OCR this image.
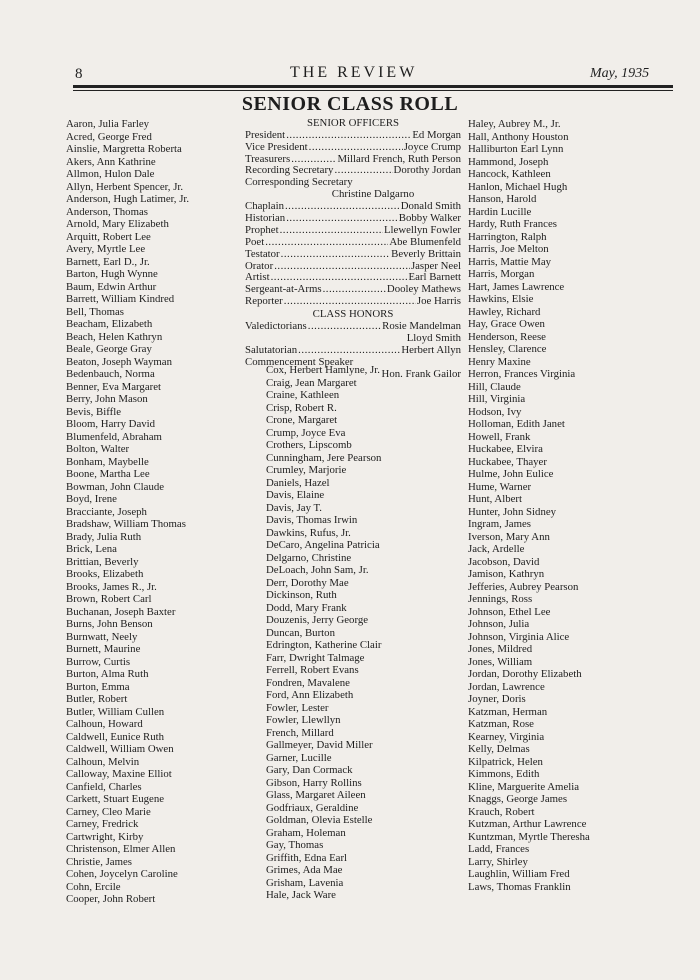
8	THE REVIEW	May, 1935
SENIOR CLASS ROLL
Aaron, Julia Farley
Acred, George Fred
Ainslie, Margretta Roberta
Akers, Ann Kathrine
Allmon, Hulon Dale
Allyn, Herbent Spencer, Jr.
Anderson, Hugh Latimer, Jr.
Anderson, Thomas
Arnold, Mary Elizabeth
Arquitt, Robert Lee
Avery, Myrtle Lee
Barnett, Earl D., Jr.
Barton, Hugh Wynne
Baum, Edwin Arthur
Barrett, William Kindred
Bell, Thomas
Beacham, Elizabeth
Beach, Helen Kathryn
Beale, George Gray
Beaton, Joseph Wayman
Bedenbauch, Norma
Benner, Eva Margaret
Berry, John Mason
Bevis, Biffle
Bloom, Harry David
Blumenfeld, Abraham
Bolton, Walter
Bonham, Maybelle
Boone, Martha Lee
Bowman, John Claude
Boyd, Irene
Bracciante, Joseph
Bradshaw, William Thomas
Brady, Julia Ruth
Brick, Lena
Brittian, Beverly
Brooks, Elizabeth
Brooks, James R., Jr.
Brown, Robert Carl
Buchanan, Joseph Baxter
Burns, John Benson
Burnwatt, Neely
Burnett, Maurine
Burrow, Curtis
Burton, Alma Ruth
Burton, Emma
Butler, Robert
Butler, William Cullen
Calhoun, Howard
Caldwell, Eunice Ruth
Caldwell, William Owen
Calhoun, Melvin
Calloway, Maxine Elliot
Canfield, Charles
Carkett, Stuart Eugene
Carney, Cleo Marie
Carney, Fredrick
Cartwright, Kirby
Christenson, Elmer Allen
Christie, James
Cohen, Joycelyn Caroline
Cohn, Ercile
Cooper, John Robert
SENIOR OFFICERS
President .....	Ed Morgan
Vice President .....	Joyce Crump
Treasurers .....	Millard French, Ruth Person
Recording Secretary .....	Dorothy Jordan
Corresponding Secretary
Christine Dalgarno
Chaplain .....	Donald Smith
Historian .....	Bobby Walker
Prophet .....	Llewellyn Fowler
Poet .....	Abe Blumenfeld
Testator .....	Beverly Brittain
Orator .....	Jasper Neel
Artist .....	Earl Barnett
Sergeant-at-Arms .....	Dooley Mathews
Reporter .....	Joe Harris
CLASS HONORS
Valedictorians .....	Rosie Mandelman
Lloyd Smith
Salutatorian .....	Herbert Allyn
Commencement Speaker
Hon. Frank Gailor
Cox, Herbert Hamlyne, Jr.
Craig, Jean Margaret
Craine, Kathleen
Crisp, Robert R.
Crone, Margaret
Crump, Joyce Eva
Crothers, Lipscomb
Cunningham, Jere Pearson
Crumley, Marjorie
Daniels, Hazel
Davis, Elaine
Davis, Jay T.
Davis, Thomas Irwin
Dawkins, Rufus, Jr.
DeCaro, Angelina Patricia
Delgarno, Christine
DeLoach, John Sam, Jr.
Derr, Dorothy Mae
Dickinson, Ruth
Dodd, Mary Frank
Douzenis, Jerry George
Duncan, Burton
Edrington, Katherine Clair
Farr, Dwright Talmage
Ferrell, Robert Evans
Fondren, Mavalene
Ford, Ann Elizabeth
Fowler, Lester
Fowler, Llewllyn
French, Millard
Gallmeyer, David Miller
Garner, Lucille
Gary, Dan Cormack
Gibson, Harry Rollins
Glass, Margaret Aileen
Godfriaux, Geraldine
Goldman, Olevia Estelle
Graham, Holeman
Gay, Thomas
Griffith, Edna Earl
Grimes, Ada Mae
Grisham, Lavenia
Hale, Jack Ware
Haley, Aubrey M., Jr.
Hall, Anthony Houston
Halliburton Earl Lynn
Hammond, Joseph
Hancock, Kathleen
Hanlon, Michael Hugh
Hanson, Harold
Hardin Lucille
Hardy, Ruth Frances
Harrington, Ralph
Harris, Joe Melton
Harris, Mattie May
Harris, Morgan
Hart, James Lawrence
Hawkins, Elsie
Hawley, Richard
Hay, Grace Owen
Henderson, Reese
Hensley, Clarence
Henry Maxine
Herron, Frances Virginia
Hill, Claude
Hill, Virginia
Hodson, Ivy
Holloman, Edith Janet
Howell, Frank
Huckabee, Elvira
Huckabee, Thayer
Hulme, John Eulice
Hume, Warner
Hunt, Albert
Hunter, John Sidney
Ingram, James
Iverson, Mary Ann
Jack, Ardelle
Jacobson, David
Jamison, Kathryn
Jefferies, Aubrey Pearson
Jennings, Ross
Johnson, Ethel Lee
Johnson, Julia
Johnson, Virginia Alice
Jones, Mildred
Jones, William
Jordan, Dorothy Elizabeth
Jordan, Lawrence
Joyner, Doris
Katzman, Herman
Katzman, Rose
Kearney, Virginia
Kelly, Delmas
Kilpatrick, Helen
Kimmons, Edith
Kline, Marguerite Amelia
Knaggs, George James
Krauch, Robert
Kutzman, Arthur Lawrence
Kuntzman, Myrtle Theresha
Ladd, Frances
Larry, Shirley
Laughlin, William Fred
Laws, Thomas Franklin
